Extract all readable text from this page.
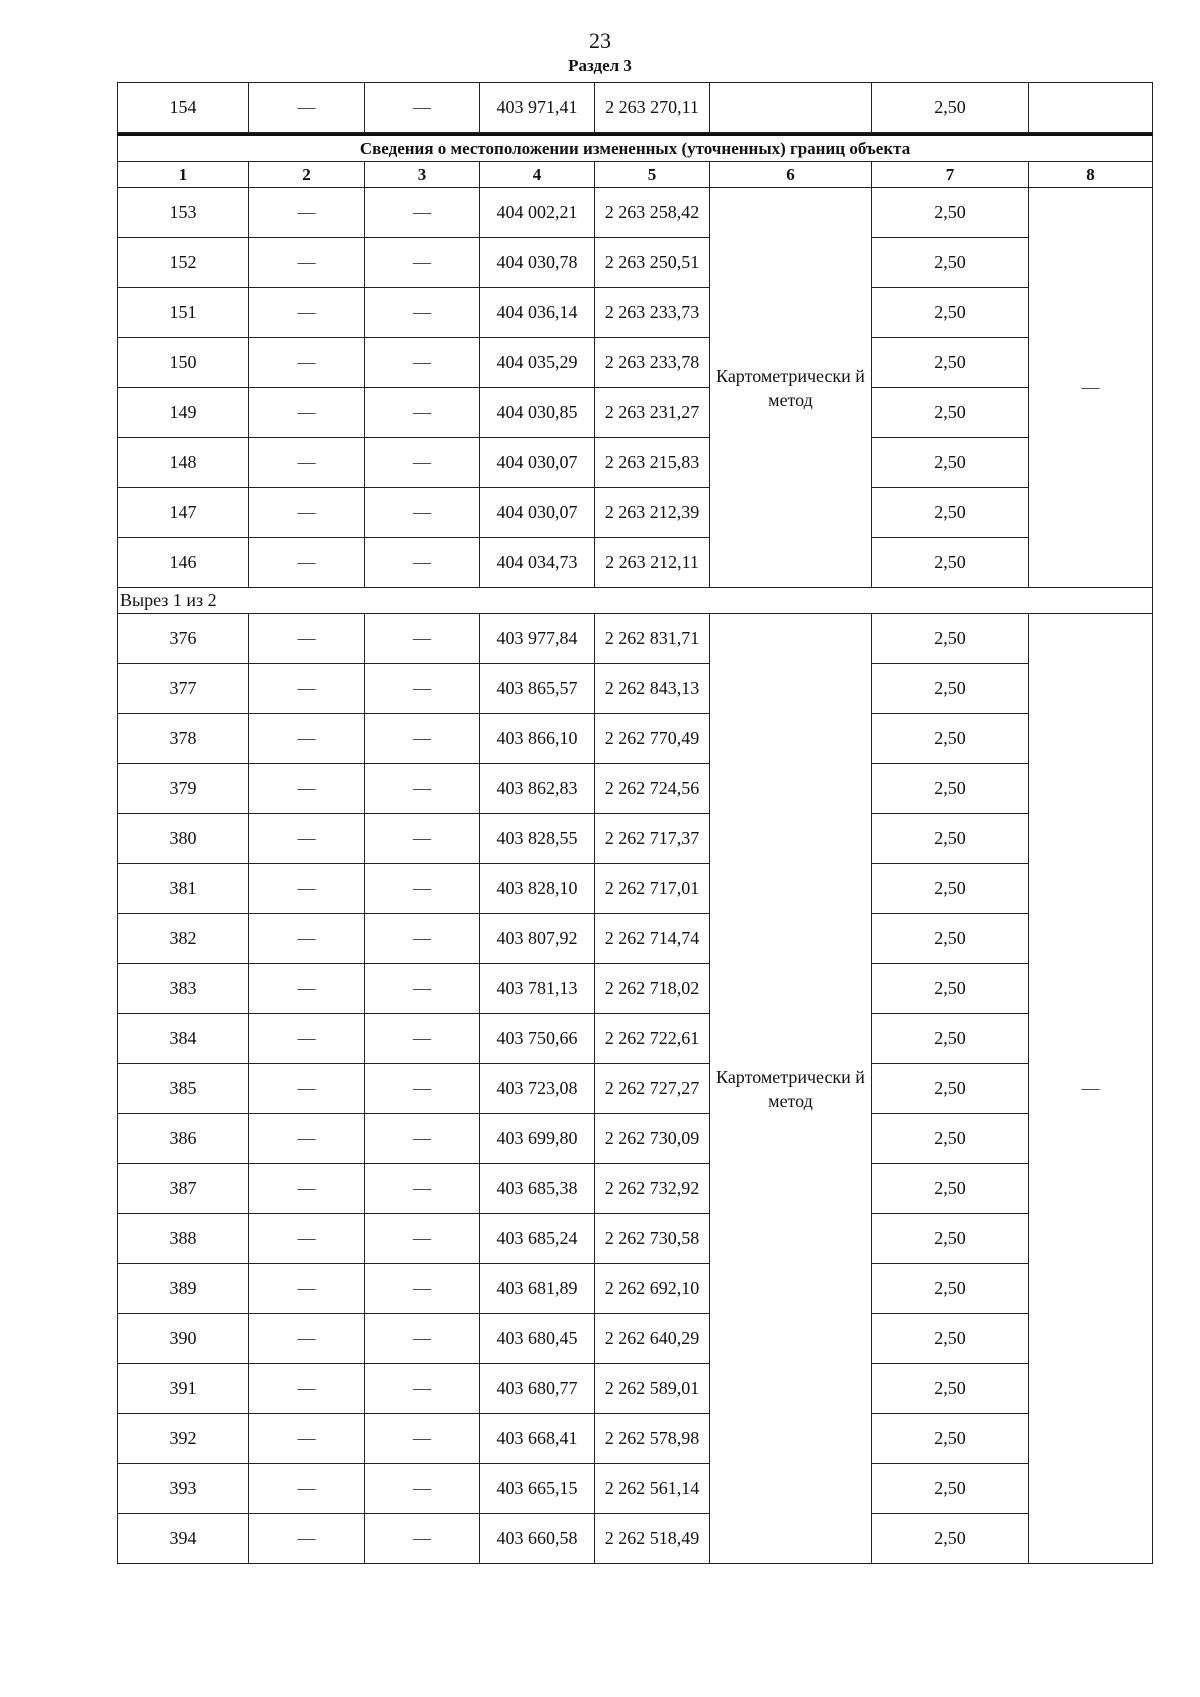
23
Раздел 3
154	—	—	403 971,41	2 263 270,11		2,50	
Сведения о местоположении измененных (уточненных) границ объекта							
1	2	3	4	5	6	7	8
153	—	—	404 002,21	2 263 258,42	Картометрически й метод	2,50	—
152	—	—	404 030,78	2 263 250,51		2,50	
151	—	—	404 036,14	2 263 233,73		2,50	
150	—	—	404 035,29	2 263 233,78		2,50	
149	—	—	404 030,85	2 263 231,27		2,50	
148	—	—	404 030,07	2 263 215,83		2,50	
147	—	—	404 030,07	2 263 212,39		2,50	
146	—	—	404 034,73	2 263 212,11		2,50	
Вырез 1 из 2							
376	—	—	403 977,84	2 262 831,71	Картометрически й метод	2,50	—
377	—	—	403 865,57	2 262 843,13		2,50	
378	—	—	403 866,10	2 262 770,49		2,50	
379	—	—	403 862,83	2 262 724,56		2,50	
380	—	—	403 828,55	2 262 717,37		2,50	
381	—	—	403 828,10	2 262 717,01		2,50	
382	—	—	403 807,92	2 262 714,74		2,50	
383	—	—	403 781,13	2 262 718,02		2,50	
384	—	—	403 750,66	2 262 722,61		2,50	
385	—	—	403 723,08	2 262 727,27		2,50	
386	—	—	403 699,80	2 262 730,09		2,50	
387	—	—	403 685,38	2 262 732,92		2,50	
388	—	—	403 685,24	2 262 730,58		2,50	
389	—	—	403 681,89	2 262 692,10		2,50	
390	—	—	403 680,45	2 262 640,29		2,50	
391	—	—	403 680,77	2 262 589,01		2,50	
392	—	—	403 668,41	2 262 578,98		2,50	
393	—	—	403 665,15	2 262 561,14		2,50	
394	—	—	403 660,58	2 262 518,49		2,50	
